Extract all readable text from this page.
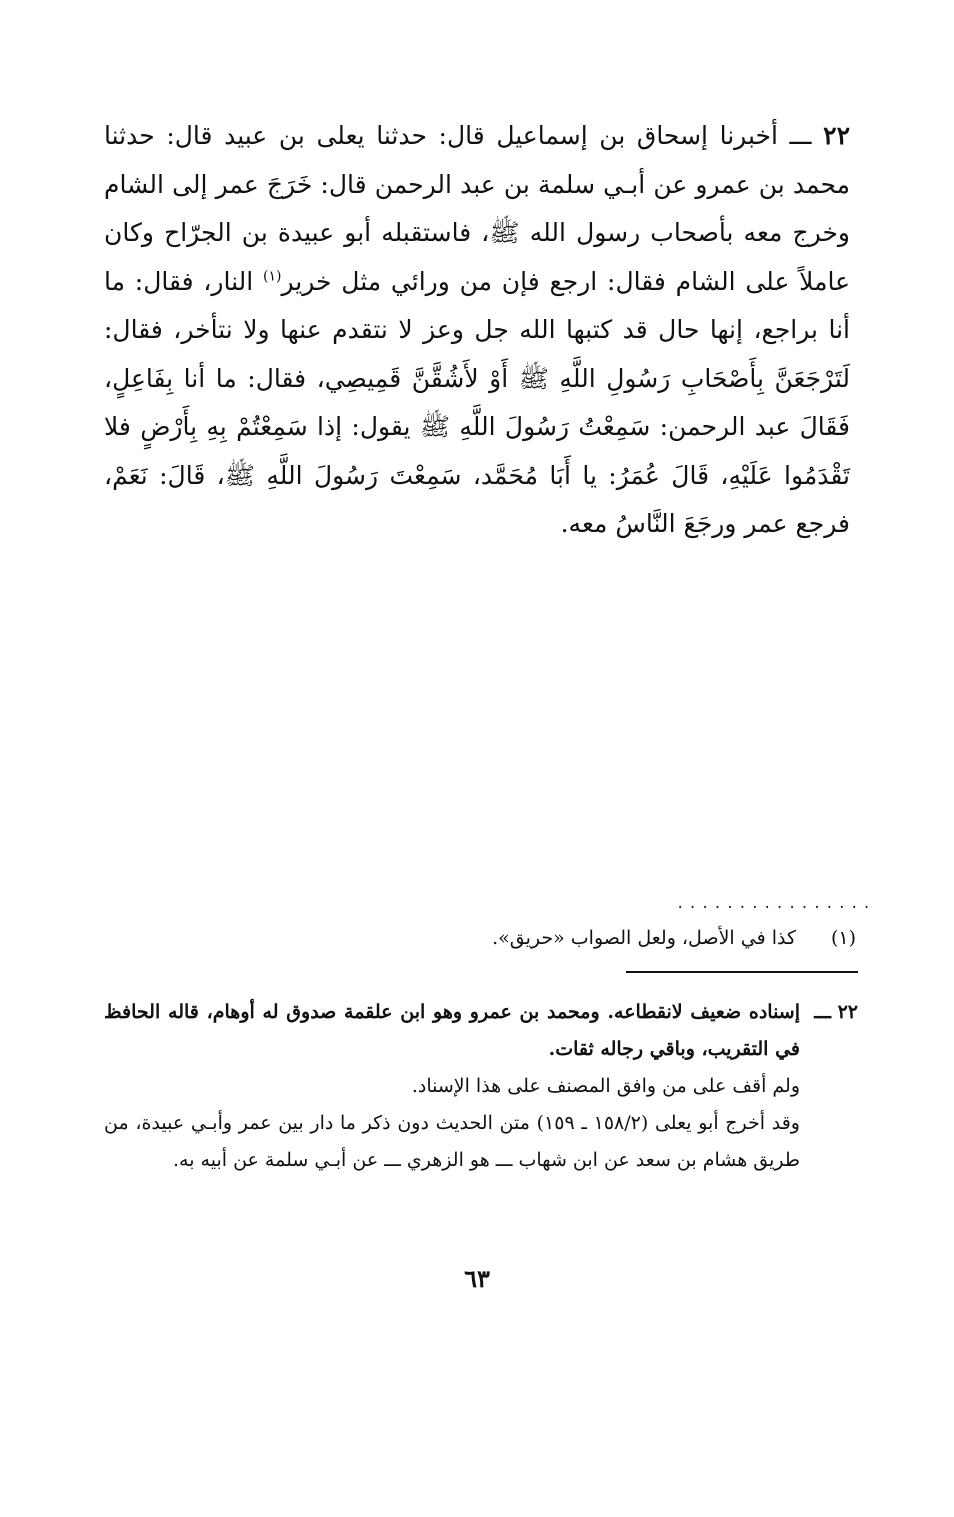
٢٢ ـــ أخبرنا إسحاق بن إسماعيل قال: حدثنا يعلى بن عبيد قال: حدثنا محمد بن عمرو عن أبـي سلمة بن عبد الرحمن قال: خَرَجَ عمر إلى الشام وخرج معه بأصحاب رسول الله ﷺ، فاستقبله أبو عبيدة بن الجرّاح وكان عاملاً على الشام فقال: ارجع فإن من ورائي مثل خرير$^{(١)}$ النار، فقال: ما أنا براجع، إنها حال قد كتبها الله جل وعز لا نتقدم عنها ولا نتأخر، فقال: لَتَرْجَعَنَّ بِأَصْحَابِ رَسُولِ اللَّهِ ﷺ أَوْ لأَشُقَّنَّ قَمِيصِي، فقال: ما أنا بِفَاعِلٍ، فَقَالَ عبد الرحمن: سَمِعْتُ رَسُولَ اللَّهِ ﷺ يقول: إذا سَمِعْتُمْ بِهِ بِأَرْضٍ فلا تَقْدَمُوا عَلَيْهِ، قَالَ عُمَرُ: يا أَبَا مُحَمَّد، سَمِعْتَ رَسُولَ اللَّهِ ﷺ، قَالَ: نَعَمْ، فرجع عمر ورجَعَ النَّاسُ معه.

................
(١)
كذا في الأصل، ولعل الصواب «حريق».
٢٢ ـــ

إسناده ضعيف لانقطاعه. ومحمد بن عمرو وهو ابن علقمة صدوق له أوهام، قاله الحافظ في التقريب، وباقي رجاله ثقات.

ولم أقف على من وافق المصنف على هذا الإسناد.

وقد أخرج أبو يعلى (١٥٨/٢ ـ ١٥٩) متن الحديث دون ذكر ما دار بين عمر وأبـي عبيدة، من طريق هشام بن سعد عن ابن شهاب ـــ هو الزهري ـــ عن أبـي سلمة عن أبيه به.

٦٣
